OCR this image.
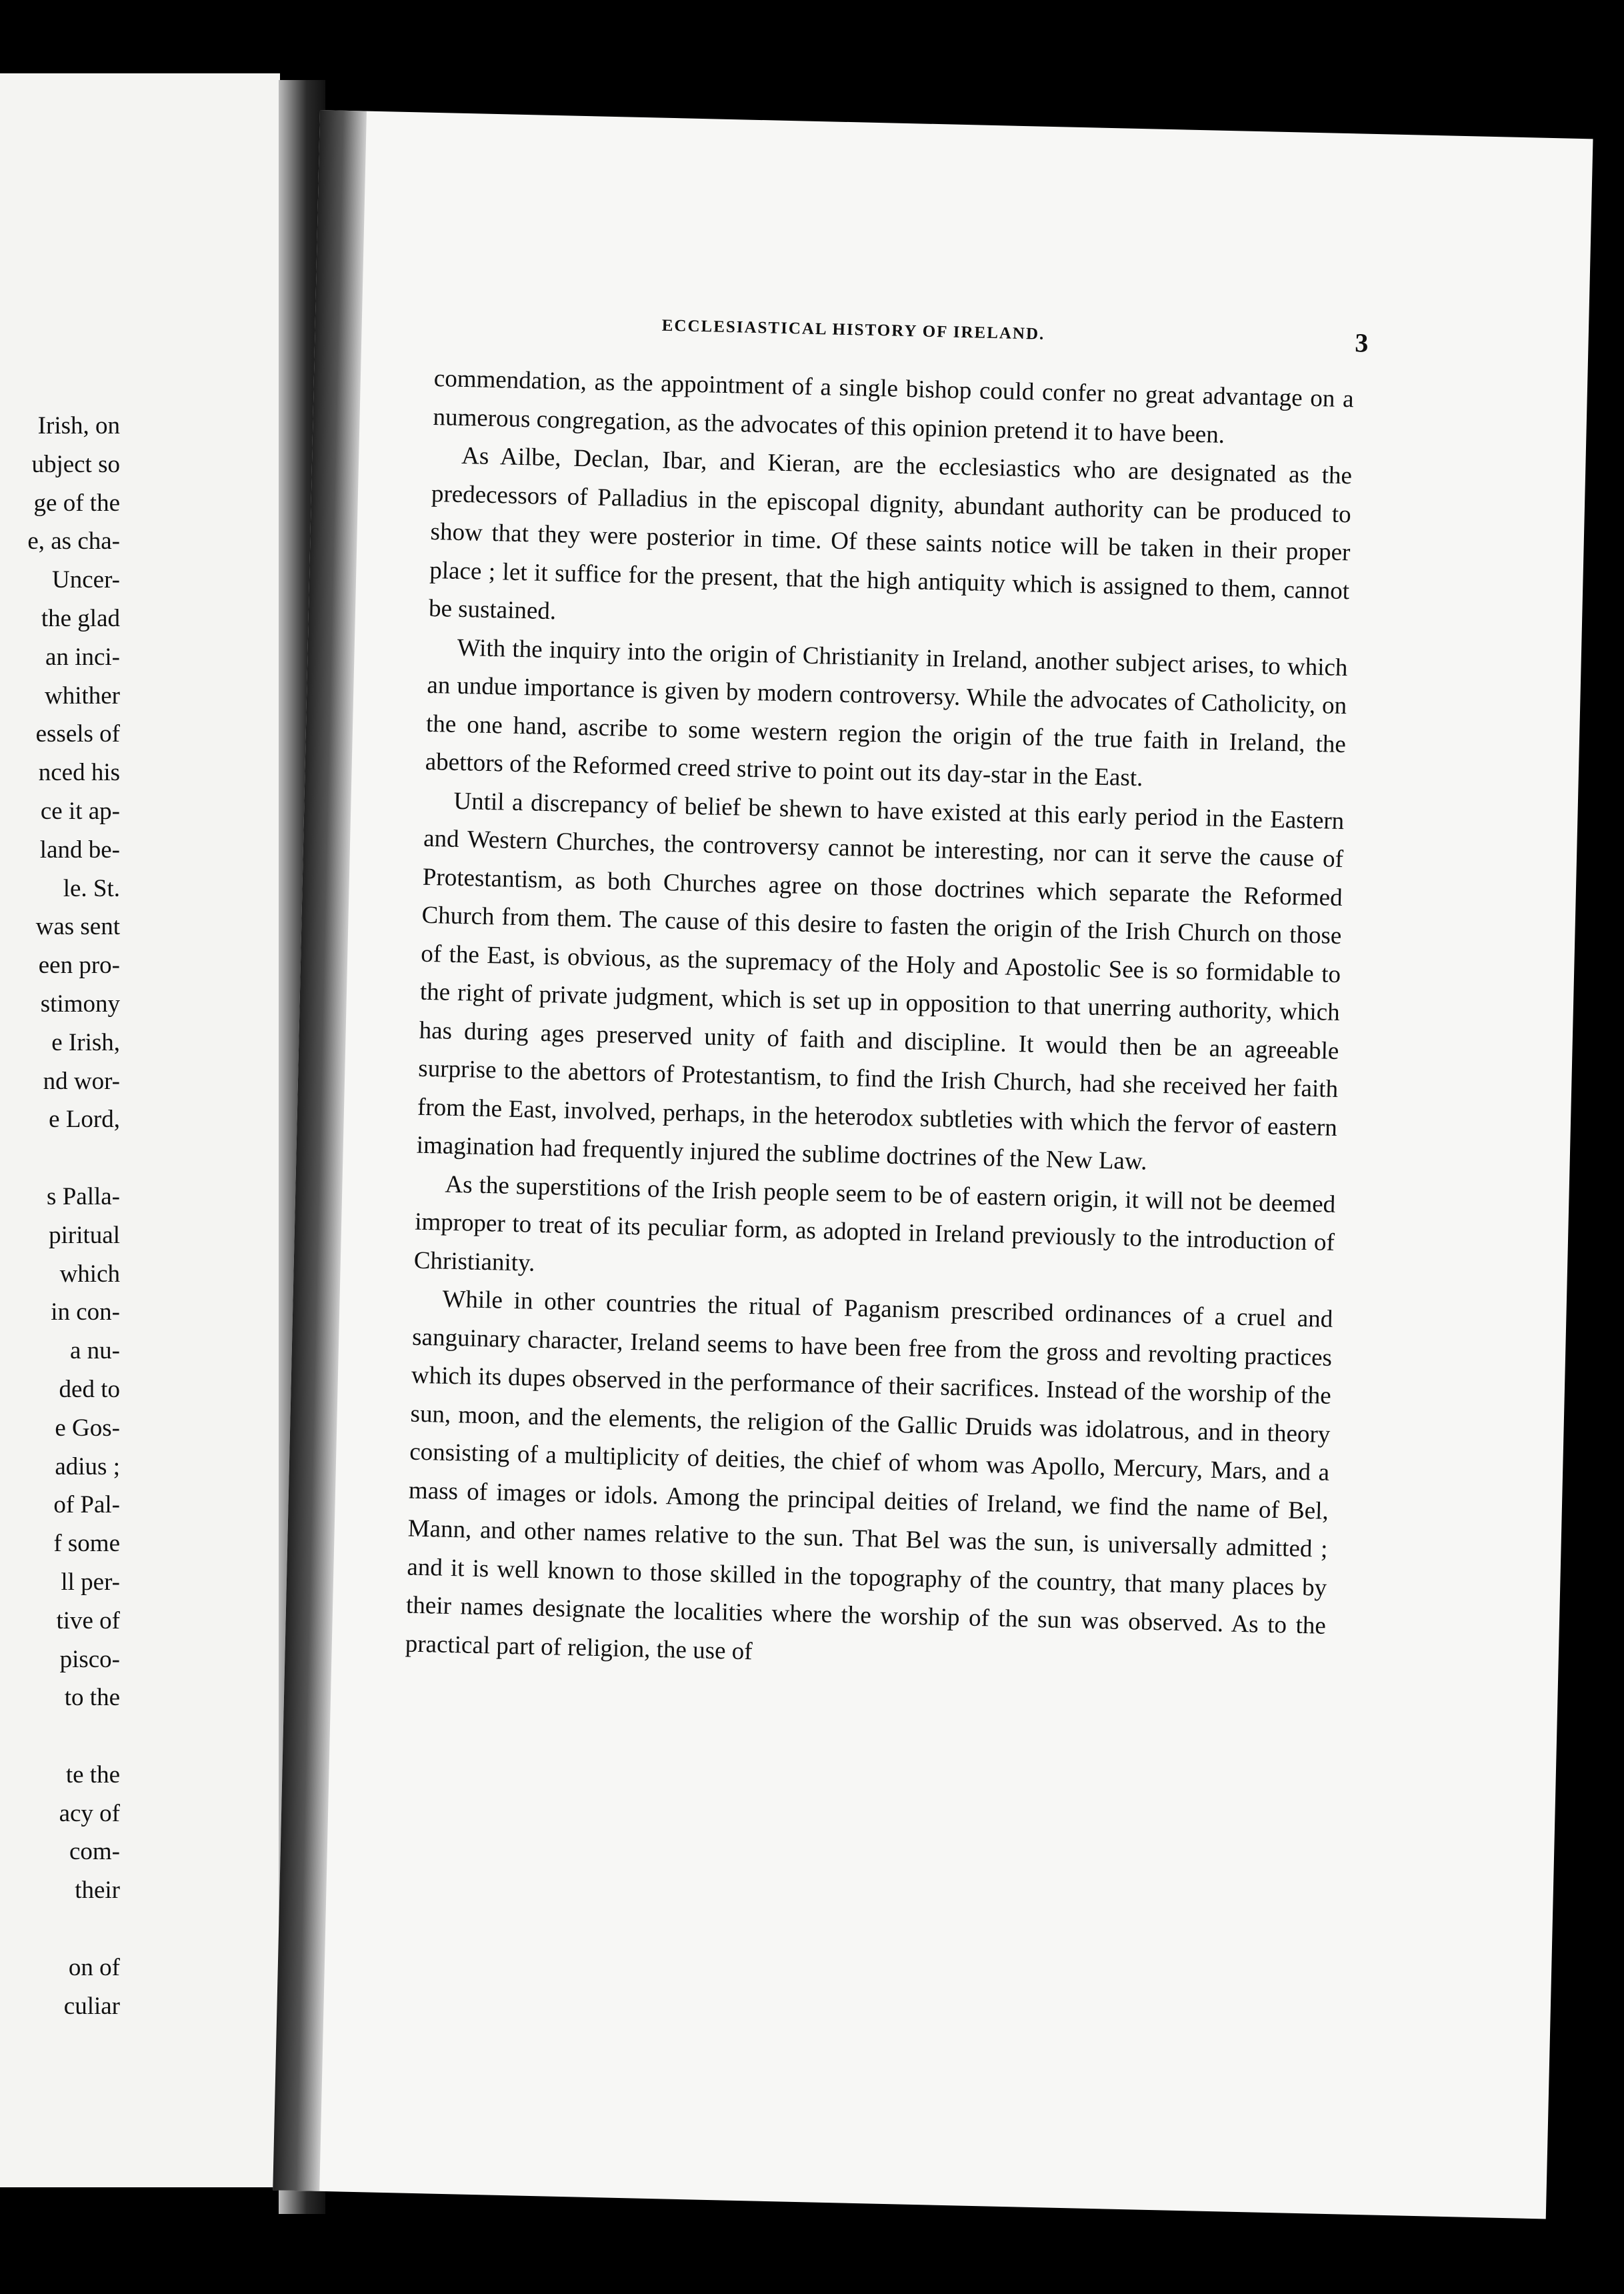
Irish, on
ubject so
ge of the
e, as cha-
Uncer-
the glad
an inci-
whither
essels of
nced his
ce it ap-
land be-
le. St.
was sent
een pro-
stimony
e Irish,
nd wor-
e Lord,
s Palla-
piritual
which
in con-
a nu-
ded to
e Gos-
adius ;
of Pal-
f some
ll per-
tive of
pisco-
to the
te the
acy of
com-
their
on of
culiar
ECCLESIASTICAL HISTORY OF IRELAND.	3

commendation, as the appointment of a single bishop could confer no great advantage on a numerous congregation, as the advocates of this opinion pretend it to have been.

As Ailbe, Declan, Ibar, and Kieran, are the ecclesiastics who are designated as the predecessors of Palladius in the episcopal dignity, abundant authority can be produced to show that they were posterior in time. Of these saints notice will be taken in their proper place ; let it suffice for the present, that the high antiquity which is assigned to them, cannot be sustained.

With the inquiry into the origin of Christianity in Ireland, another subject arises, to which an undue importance is given by modern controversy. While the advocates of Catholicity, on the one hand, ascribe to some western region the origin of the true faith in Ireland, the abettors of the Reformed creed strive to point out its day-star in the East.

Until a discrepancy of belief be shewn to have existed at this early period in the Eastern and Western Churches, the controversy cannot be interesting, nor can it serve the cause of Protestantism, as both Churches agree on those doctrines which separate the Reformed Church from them. The cause of this desire to fasten the origin of the Irish Church on those of the East, is obvious, as the supremacy of the Holy and Apostolic See is so formidable to the right of private judgment, which is set up in opposition to that unerring authority, which has during ages preserved unity of faith and discipline. It would then be an agreeable surprise to the abettors of Protestantism, to find the Irish Church, had she received her faith from the East, involved, perhaps, in the heterodox subtleties with which the fervor of eastern imagination had frequently injured the sublime doctrines of the New Law.

As the superstitions of the Irish people seem to be of eastern origin, it will not be deemed improper to treat of its peculiar form, as adopted in Ireland previously to the introduction of Christianity.

While in other countries the ritual of Paganism prescribed ordinances of a cruel and sanguinary character, Ireland seems to have been free from the gross and revolting practices which its dupes observed in the performance of their sacrifices. Instead of the worship of the sun, moon, and the elements, the religion of the Gallic Druids was idolatrous, and in theory consisting of a multiplicity of deities, the chief of whom was Apollo, Mercury, Mars, and a mass of images or idols. Among the principal deities of Ireland, we find the name of Bel, Mann, and other names relative to the sun. That Bel was the sun, is universally admitted ; and it is well known to those skilled in the topography of the country, that many places by their names designate the localities where the worship of the sun was observed. As to the practical part of religion, the use of
